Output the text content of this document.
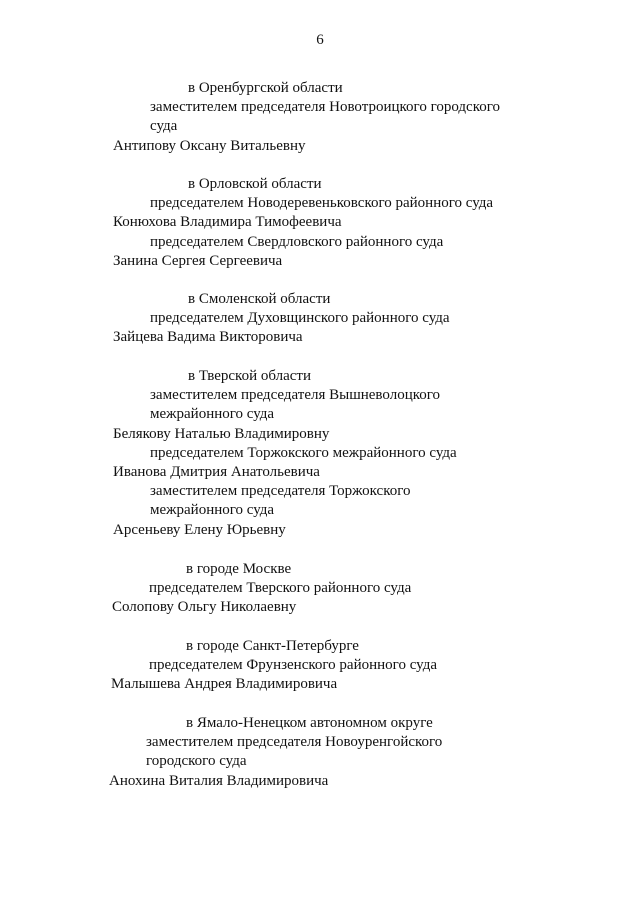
6
в Оренбургской области
заместителем председателя Новотроицкого городского
суда
Антипову Оксану Витальевну
в Орловской области
председателем Новодеревеньковского районного суда
Конюхова Владимира Тимофеевича
председателем Свердловского районного суда
Занина Сергея Сергеевича
в Смоленской области
председателем Духовщинского районного суда
Зайцева Вадима Викторовича
в Тверской области
заместителем председателя Вышневолоцкого
межрайонного суда
Белякову Наталью Владимировну
председателем Торжокского межрайонного суда
Иванова Дмитрия Анатольевича
заместителем председателя Торжокского
межрайонного суда
Арсеньеву Елену Юрьевну
в городе Москве
председателем Тверского районного суда
Солопову Ольгу Николаевну
в городе Санкт-Петербурге
председателем Фрунзенского районного суда
Малышева Андрея Владимировича
в Ямало-Ненецком автономном округе
заместителем председателя Новоуренгойского
городского суда
Анохина Виталия Владимировича
